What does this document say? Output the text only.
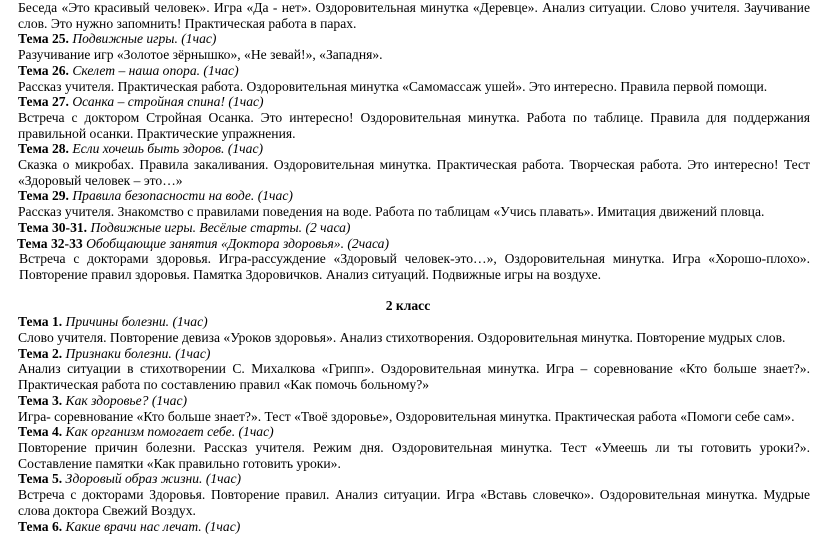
Беседа «Это красивый человек». Игра «Да - нет». Оздоровительная минутка «Деревце». Анализ ситуации. Слово учителя. Заучивание слов. Это нужно запомнить! Практическая работа в парах.
Тема 25. Подвижные игры. (1час)
Разучивание игр «Золотое зёрнышко», «Не зевай!», «Западня».
Тема 26. Скелет – наша опора. (1час)
Рассказ учителя. Практическая работа. Оздоровительная минутка «Самомассаж ушей». Это интересно. Правила первой помощи.
Тема 27. Осанка – стройная спина! (1час)
Встреча с доктором Стройная Осанка. Это интересно! Оздоровительная минутка. Работа по таблице. Правила для поддержания правильной осанки. Практические упражнения.
Тема 28. Если хочешь быть здоров. (1час)
Сказка о микробах. Правила закаливания. Оздоровительная минутка. Практическая работа. Творческая работа. Это интересно! Тест «Здоровый человек – это…»
Тема 29. Правила безопасности на воде. (1час)
Рассказ учителя. Знакомство с правилами поведения на воде. Работа по таблицам «Учись плавать». Имитация движений пловца.
Тема 30-31. Подвижные игры. Весёлые старты. (2 часа)
Тема 32-33 Обобщающие занятия «Доктора здоровья». (2часа)
Встреча с докторами здоровья. Игра-рассуждение «Здоровый человек-это…», Оздоровительная минутка. Игра «Хорошо-плохо». Повторение правил здоровья. Памятка Здоровичков. Анализ ситуаций. Подвижные игры на воздухе.
2 класс
Тема 1. Причины болезни. (1час)
Слово учителя. Повторение девиза «Уроков здоровья». Анализ стихотворения. Оздоровительная минутка. Повторение мудрых слов.
Тема 2. Признаки болезни. (1час)
Анализ ситуации в стихотворении С. Михалкова «Грипп». Оздоровительная минутка. Игра – соревнование «Кто больше знает?». Практическая работа по составлению правил «Как помочь больному?»
Тема 3. Как здоровье? (1час)
Игра- соревнование «Кто больше знает?». Тест «Твоё здоровье», Оздоровительная минутка. Практическая работа «Помоги себе сам».
Тема 4. Как организм помогает себе. (1час)
Повторение причин болезни. Рассказ учителя. Режим дня. Оздоровительная минутка. Тест «Умеешь ли ты готовить уроки?». Составление памятки «Как правильно готовить уроки».
Тема 5. Здоровый образ жизни. (1час)
Встреча с докторами Здоровья. Повторение правил. Анализ ситуации. Игра «Вставь словечко». Оздоровительная минутка. Мудрые слова доктора Свежий Воздух.
Тема 6. Какие врачи нас лечат. (1час)
